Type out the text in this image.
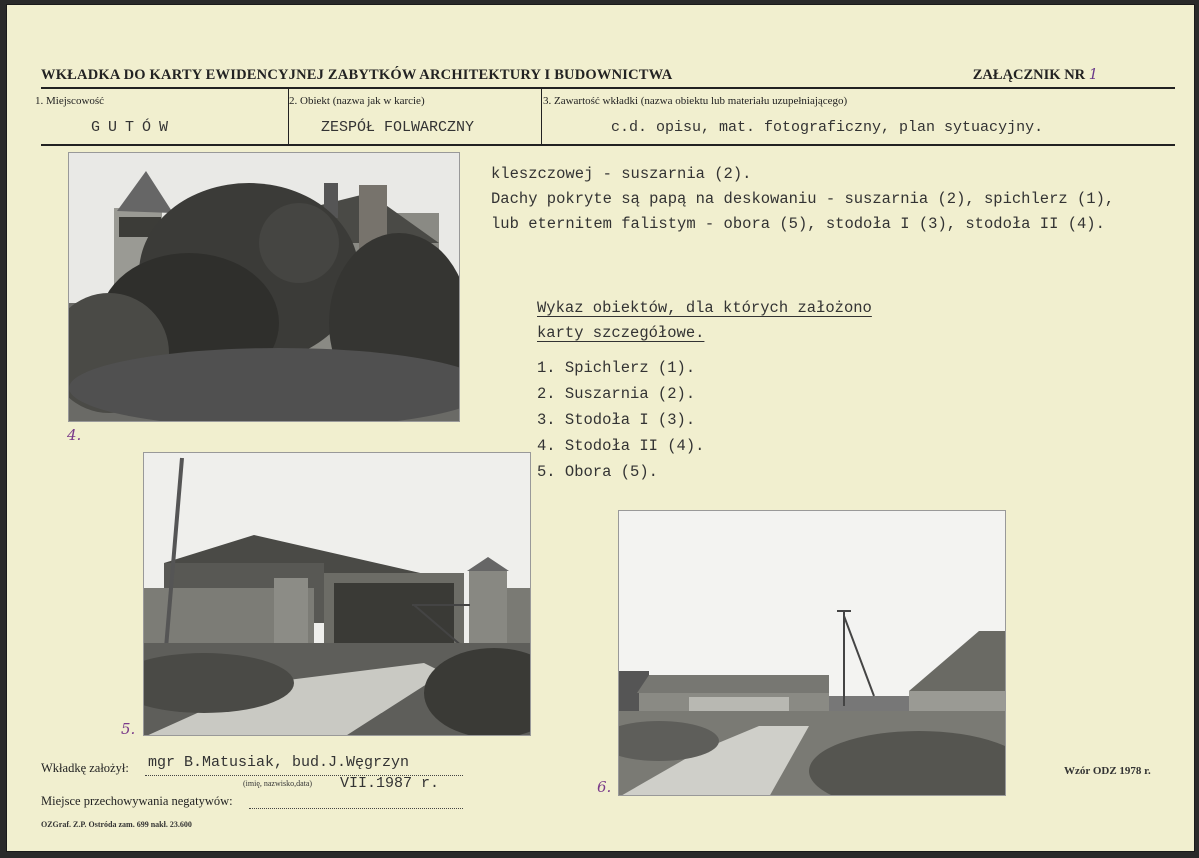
WKŁADKA DO KARTY EWIDENCYJNEJ ZABYTKÓW ARCHITEKTURY I BUDOWNICTWA	ZAŁĄCZNIK NR 1
1. Miejscowość	2. Obiekt (nazwa jak w karcie)	3. Zawartość wkładki (nazwa obiektu lub materiału uzupełniającego)
GUTÓW	ZESPÓŁ FOLWARCZNY	c.d. opisu, mat. fotograficzny, plan sytuacyjny.
kleszczowej - suszarnia (2).
Dachy pokryte są papą na deskowaniu - suszarnia (2), spichlerz (1),
lub eternitem falistym - obora (5), stodoła I (3), stodoła II (4).
Wykaz obiektów, dla których założono
karty szczegółowe.
1. Spichlerz (1).
2. Suszarnia (2).
3. Stodoła I (3).
4. Stodoła II (4).
5. Obora (5).
4.
5.
6.
Wkładkę założył: mgr B.Matusiak, bud.J.Węgrzyn
(imię, nazwisko,data) VII.1987 r.
Miejsce przechowywania negatywów:
OZGraf. Z.P. Ostróda zam. 699 nakł. 23.600
Wzór ODZ 1978 r.
